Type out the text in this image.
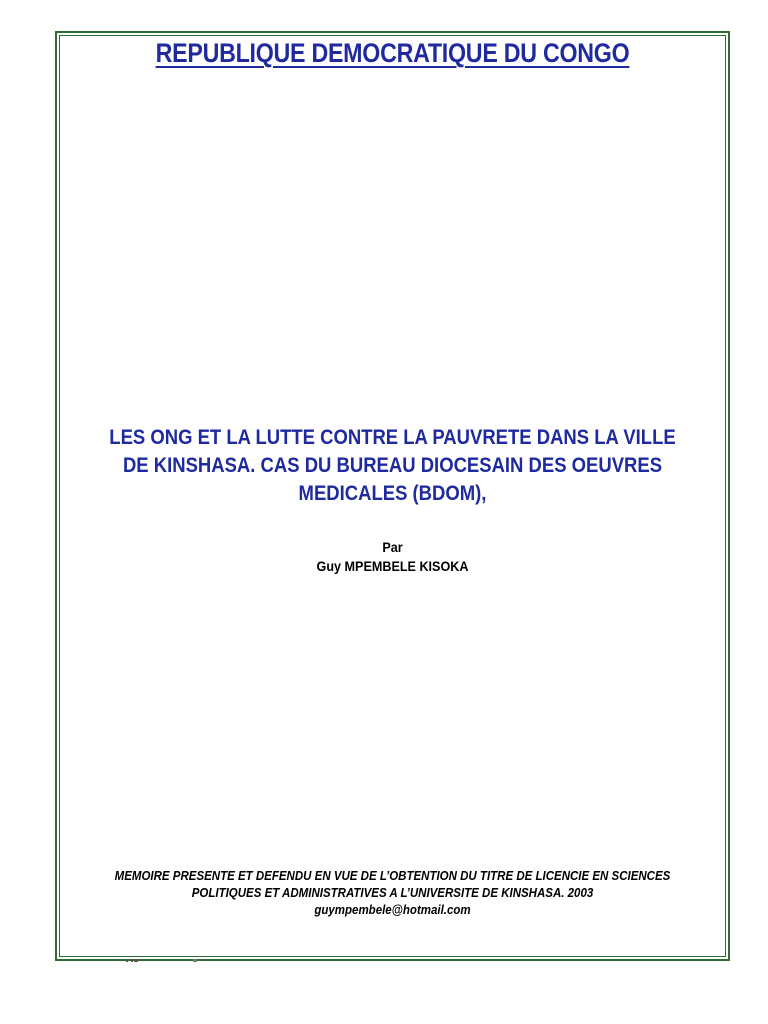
REPUBLIQUE DEMOCRATIQUE DU CONGO
LES ONG ET LA LUTTE CONTRE LA PAUVRETE DANS LA VILLE
DE KINSHASA. CAS DU BUREAU DIOCESAIN DES OEUVRES
MEDICALES (BDOM),
Par
Guy MPEMBELE KISOKA
MEMOIRE PRESENTE ET DEFENDU EN VUE DE L’OBTENTION DU TITRE DE LICENCIE EN SCIENCES
POLITIQUES ET ADMINISTRATIVES A L’UNIVERSITE DE KINSHASA. 2003
guympembele@hotmail.com
